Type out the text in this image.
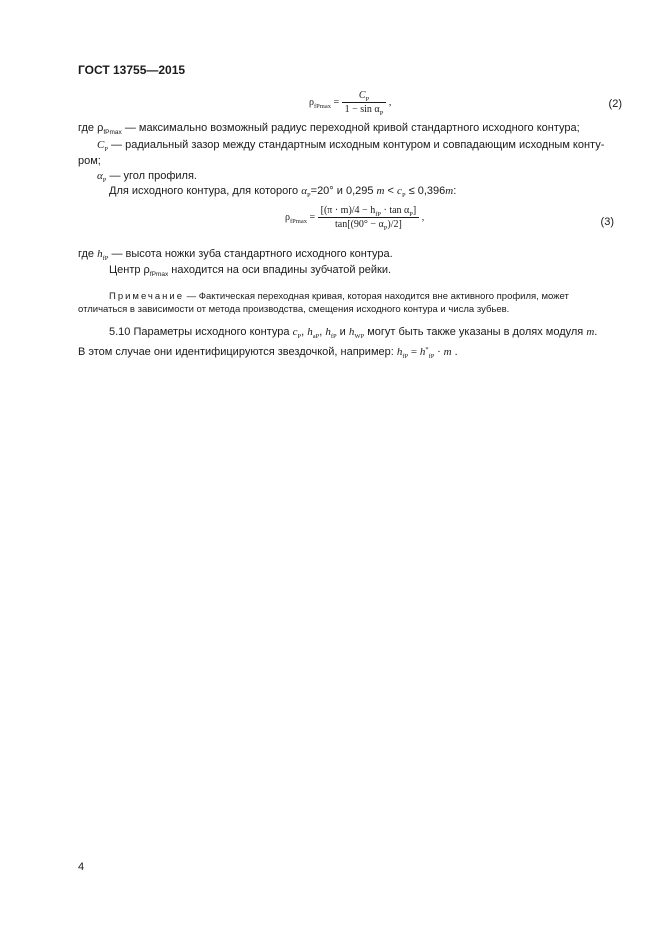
ГОСТ 13755—2015
$\rho_{fPmax} = \frac{C_P}{1 - \sin \alpha_P}$ ,	(2)
где $\rho_{fPmax}$ — максимально возможный радиус переходной кривой стандартного исходного контура;
$C_P$ — радиальный зазор между стандартным исходным контуром и совпадающим исходным конту-
ром;
$\alpha_P$ — угол профиля.
Для исходного контура, для которого $\alpha_P=20^\circ$ и 0,295 $m < c_P \le 0,396m$:
$\rho_{fPmax} = \frac{[(\pi \cdot m)/4 - h_{fP} \cdot \tan \alpha_P]}{\tan[(90^\circ - \alpha_P)/2]}$ ,	(3)
где $h_{fP}$ — высота ножки зуба стандартного исходного контура.
Центр $\rho_{fPmax}$ находится на оси впадины зубчатой рейки.
Примечание — Фактическая переходная кривая, которая находится вне активного профиля, может отличаться в зависимости от метода производства, смещения исходного контура и числа зубьев.
5.10 Параметры исходного контура $c_P$, $h_{aP}$, $h_{fP}$ и $h_{WP}$ могут быть также указаны в долях модуля m.
В этом случае они идентифицируются звездочкой, например: $h_{fP} = h^*_{fP} \cdot m$ .
4
